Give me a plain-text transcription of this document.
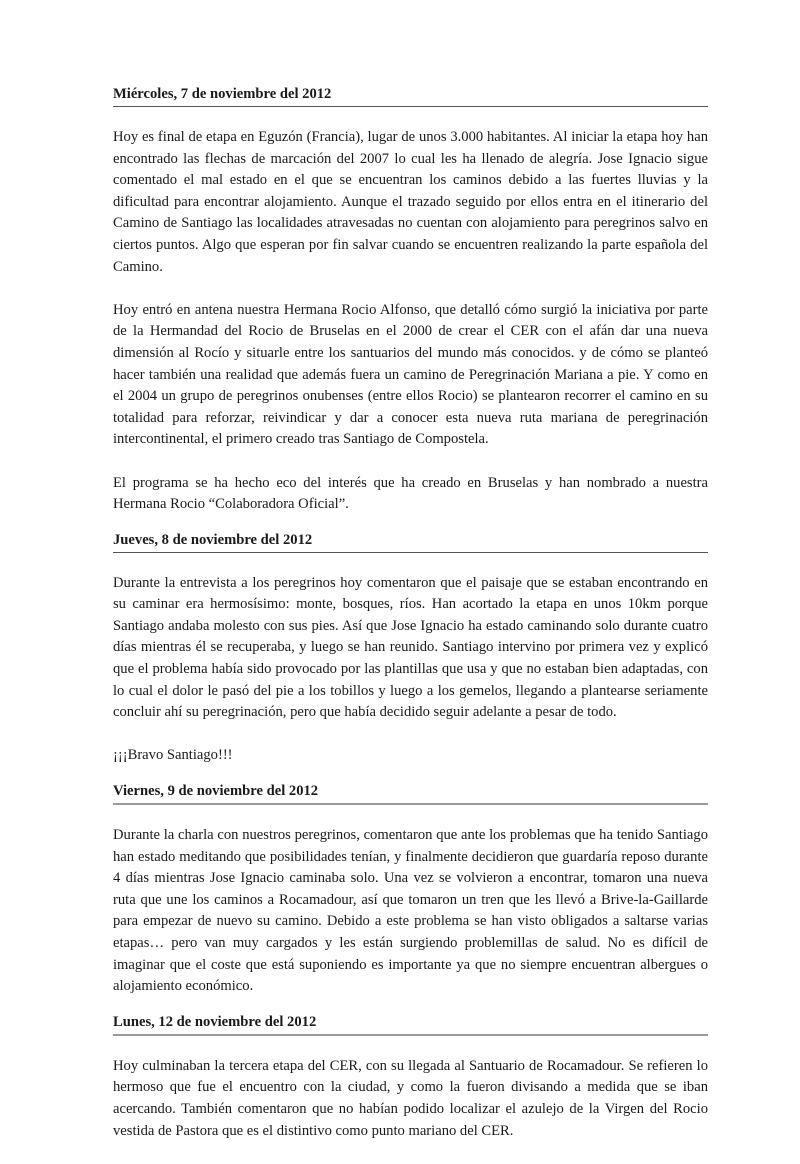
Miércoles, 7 de noviembre del 2012

Hoy es final de etapa en Eguzón (Francia), lugar de unos 3.000 habitantes. Al iniciar la etapa hoy han encontrado las flechas de marcación del 2007 lo cual les ha llenado de alegría. Jose Ignacio sigue comentado el mal estado en el que se encuentran los caminos debido a las fuertes lluvias y la dificultad para encontrar alojamiento. Aunque el trazado seguido por ellos entra en el itinerario del Camino de Santiago las localidades atravesadas no cuentan con alojamiento para peregrinos salvo en ciertos puntos. Algo que esperan por fin salvar cuando se encuentren realizando la parte española del Camino.

Hoy entró en antena nuestra Hermana Rocio Alfonso, que detalló cómo surgió la iniciativa por parte de la Hermandad del Rocio de Bruselas en el 2000 de crear el CER con el afán dar una nueva dimensión al Rocío y situarle entre los santuarios del mundo más conocidos. y de cómo se planteó hacer también una realidad que además fuera un camino de Peregrinación Mariana a pie. Y como en el 2004 un grupo de peregrinos onubenses (entre ellos Rocio) se plantearon recorrer el camino en su totalidad para reforzar, reivindicar y dar a conocer esta nueva ruta mariana de peregrinación intercontinental, el primero creado tras Santiago de Compostela.

El programa se ha hecho eco del interés que ha creado en Bruselas y han nombrado a nuestra Hermana Rocio “Colaboradora Oficial”.

Jueves, 8 de noviembre del 2012

Durante la entrevista a los peregrinos hoy comentaron que el paisaje que se estaban encontrando en su caminar era hermosísimo: monte, bosques, ríos. Han acortado la etapa en unos 10km porque Santiago andaba molesto con sus pies. Así que Jose Ignacio ha estado caminando solo durante cuatro días mientras él se recuperaba, y luego se han reunido. Santiago intervino por primera vez y explicó que el problema había sido provocado por las plantillas que usa y que no estaban bien adaptadas, con lo cual el dolor le pasó del pie a los tobillos y luego a los gemelos, llegando a plantearse seriamente concluir ahí su peregrinación, pero que había decidido seguir adelante a pesar de todo.

¡¡¡Bravo Santiago!!!

Viernes, 9 de noviembre del 2012

Durante la charla con nuestros peregrinos, comentaron que ante los problemas que ha tenido Santiago han estado meditando que posibilidades tenían, y finalmente decidieron que guardaría reposo durante 4 días mientras Jose Ignacio caminaba solo. Una vez se volvieron a encontrar, tomaron una nueva ruta que une los caminos a Rocamadour, así que tomaron un tren que les llevó a Brive-la-Gaillarde para empezar de nuevo su camino. Debido a este problema se han visto obligados a saltarse varias etapas… pero van muy cargados y les están surgiendo problemillas de salud. No es difícil de imaginar que el coste que está suponiendo es importante ya que no siempre encuentran albergues o alojamiento económico.

Lunes, 12 de noviembre del 2012

Hoy culminaban la tercera etapa del CER, con su llegada al Santuario de Rocamadour. Se refieren lo hermoso que fue el encuentro con la ciudad, y como la fueron divisando a medida que se iban acercando. También comentaron que no habían podido localizar el azulejo de la Virgen del Rocio vestida de Pastora que es el distintivo como punto mariano del CER.
